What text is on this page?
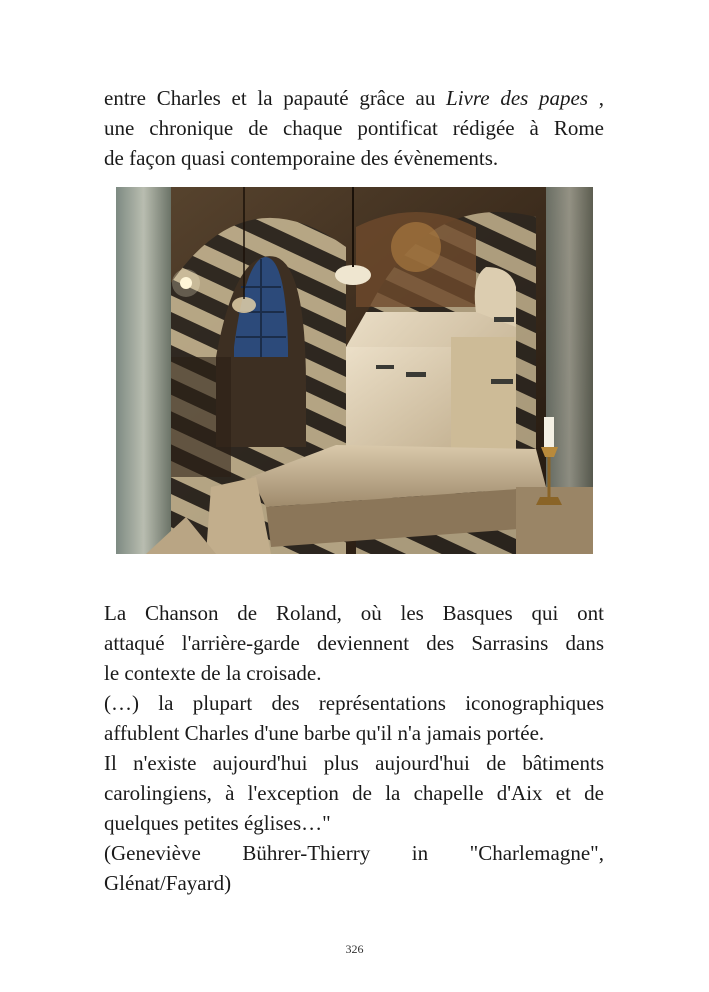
entre Charles et la papauté grâce au Livre des papes ,
une chronique de chaque pontificat rédigée à Rome
de façon quasi contemporaine des évènements.
La Chanson de Roland, où les Basques qui ont
attaqué l'arrière-garde deviennent des Sarrasins dans
le contexte de la croisade.
(…) la plupart des représentations iconographiques
affublent Charles d'une barbe qu'il n'a jamais portée.
Il n'existe aujourd'hui plus aujourd'hui de bâtiments
carolingiens, à l'exception de la chapelle d'Aix et de
quelques petites églises…"
(Geneviève Bührer-Thierry in "Charlemagne",
Glénat/Fayard)
326
